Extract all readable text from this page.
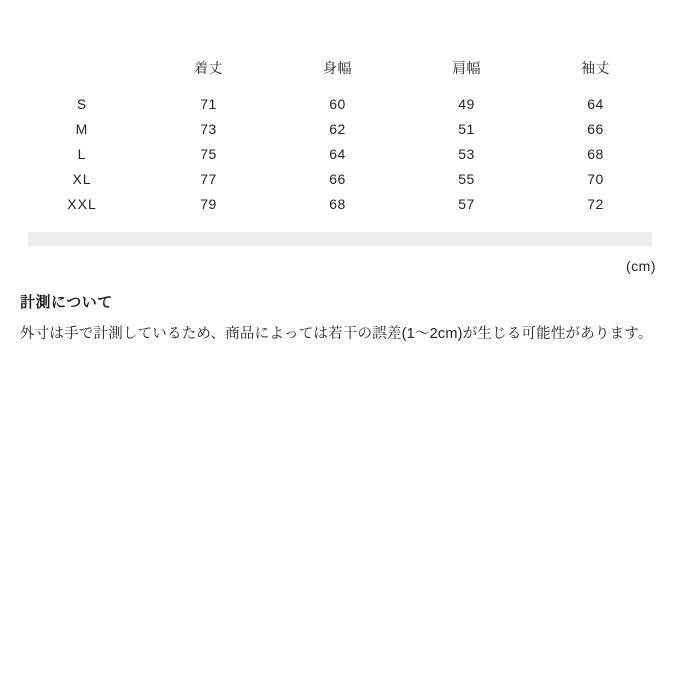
	着丈	身幅	肩幅	袖丈
S	71	60	49	64
M	73	62	51	66
L	75	64	53	68
XL	77	66	55	70
XXL	79	68	57	72
(cm)
計測について

外寸は手で計測しているため、商品によっては若干の誤差(1〜2cm)が生じる可能性があります。
